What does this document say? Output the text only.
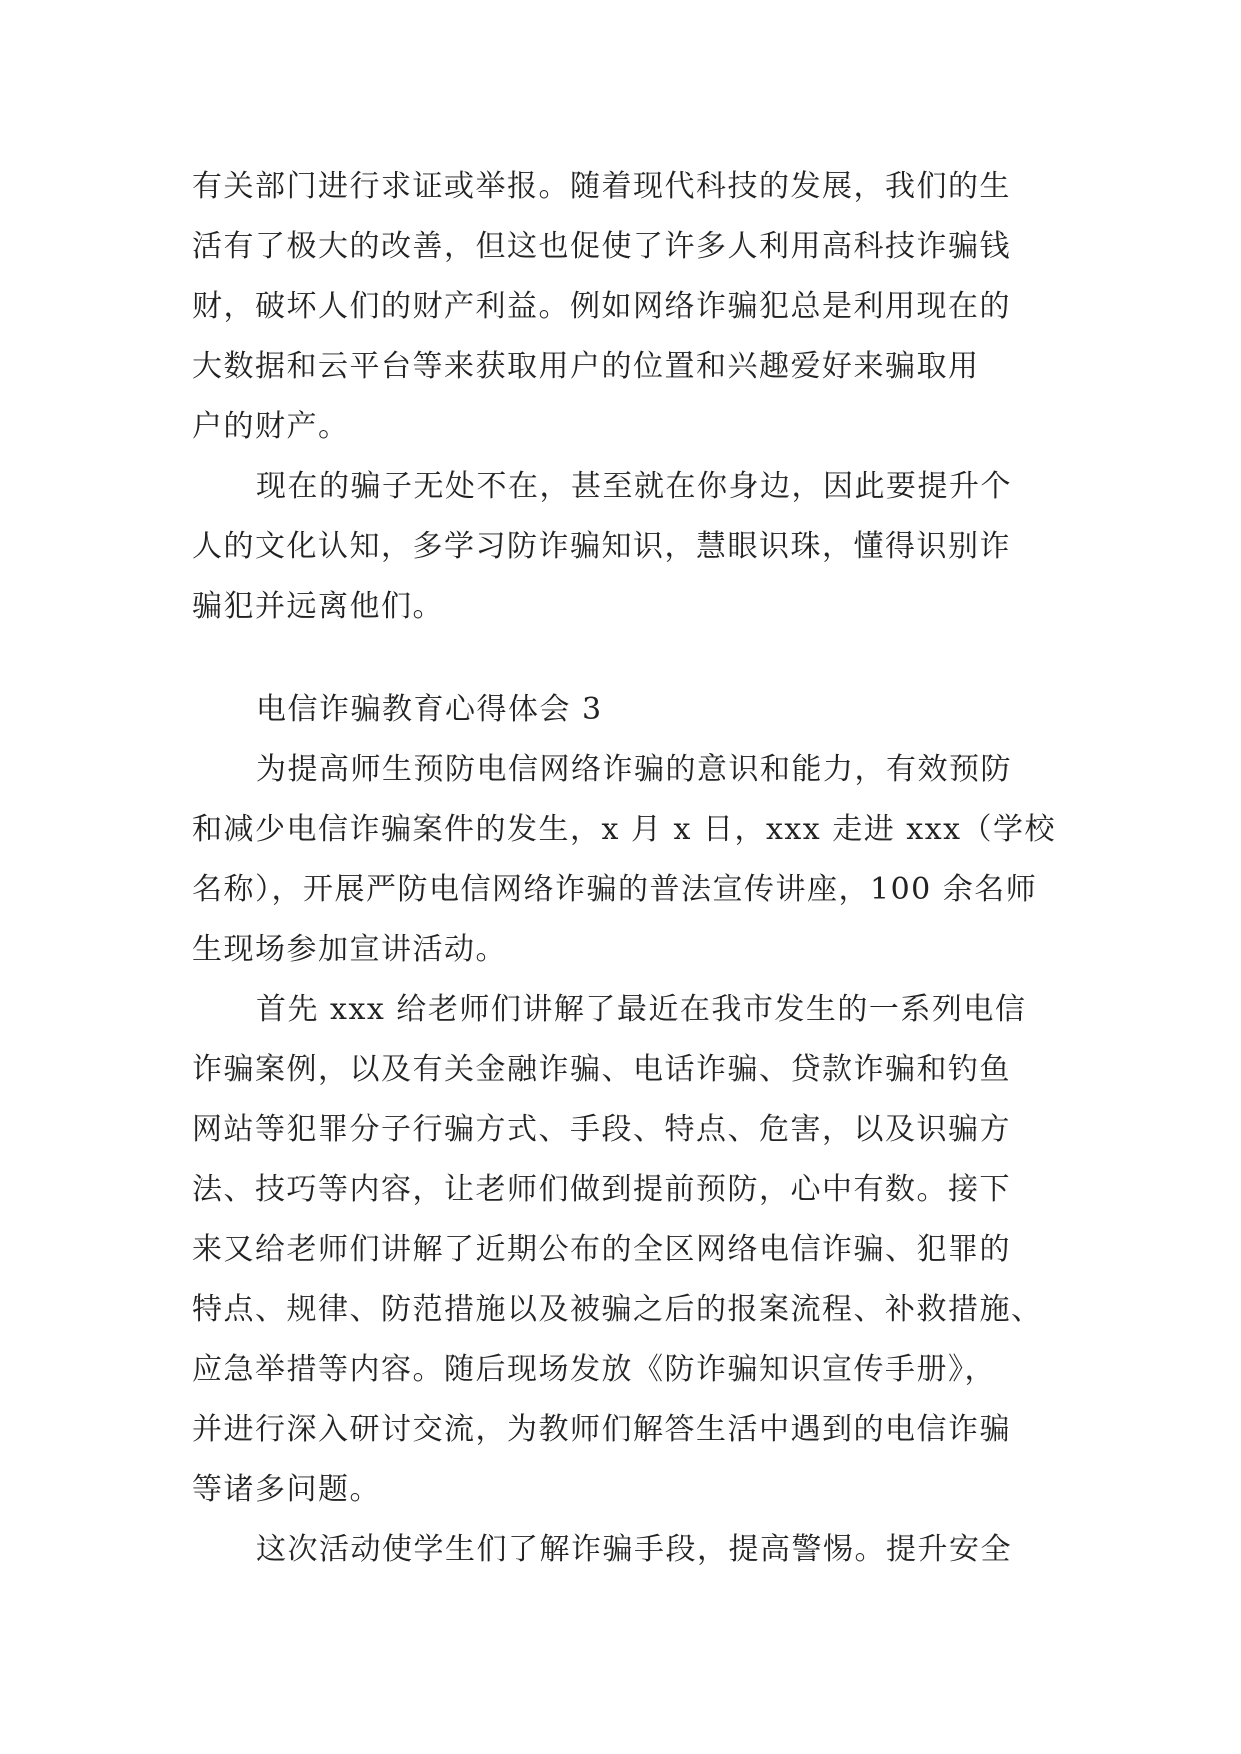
有关部门进行求证或举报。随着现代科技的发展，我们的生
活有了极大的改善，但这也促使了许多人利用高科技诈骗钱
财，破坏人们的财产利益。例如网络诈骗犯总是利用现在的
大数据和云平台等来获取用户的位置和兴趣爱好来骗取用
户的财产。
现在的骗子无处不在，甚至就在你身边，因此要提升个
人的文化认知，多学习防诈骗知识，慧眼识珠，懂得识别诈
骗犯并远离他们。
电信诈骗教育心得体会 3
为提高师生预防电信网络诈骗的意识和能力，有效预防
和减少电信诈骗案件的发生，x 月 x 日，xxx 走进 xxx（学校
名称），开展严防电信网络诈骗的普法宣传讲座，100 余名师
生现场参加宣讲活动。
首先 xxx 给老师们讲解了最近在我市发生的一系列电信
诈骗案例，以及有关金融诈骗、电话诈骗、贷款诈骗和钓鱼
网站等犯罪分子行骗方式、手段、特点、危害，以及识骗方
法、技巧等内容，让老师们做到提前预防，心中有数。接下
来又给老师们讲解了近期公布的全区网络电信诈骗、犯罪的
特点、规律、防范措施以及被骗之后的报案流程、补救措施、
应急举措等内容。随后现场发放《防诈骗知识宣传手册》，
并进行深入研讨交流，为教师们解答生活中遇到的电信诈骗
等诸多问题。
这次活动使学生们了解诈骗手段，提高警惕。提升安全
